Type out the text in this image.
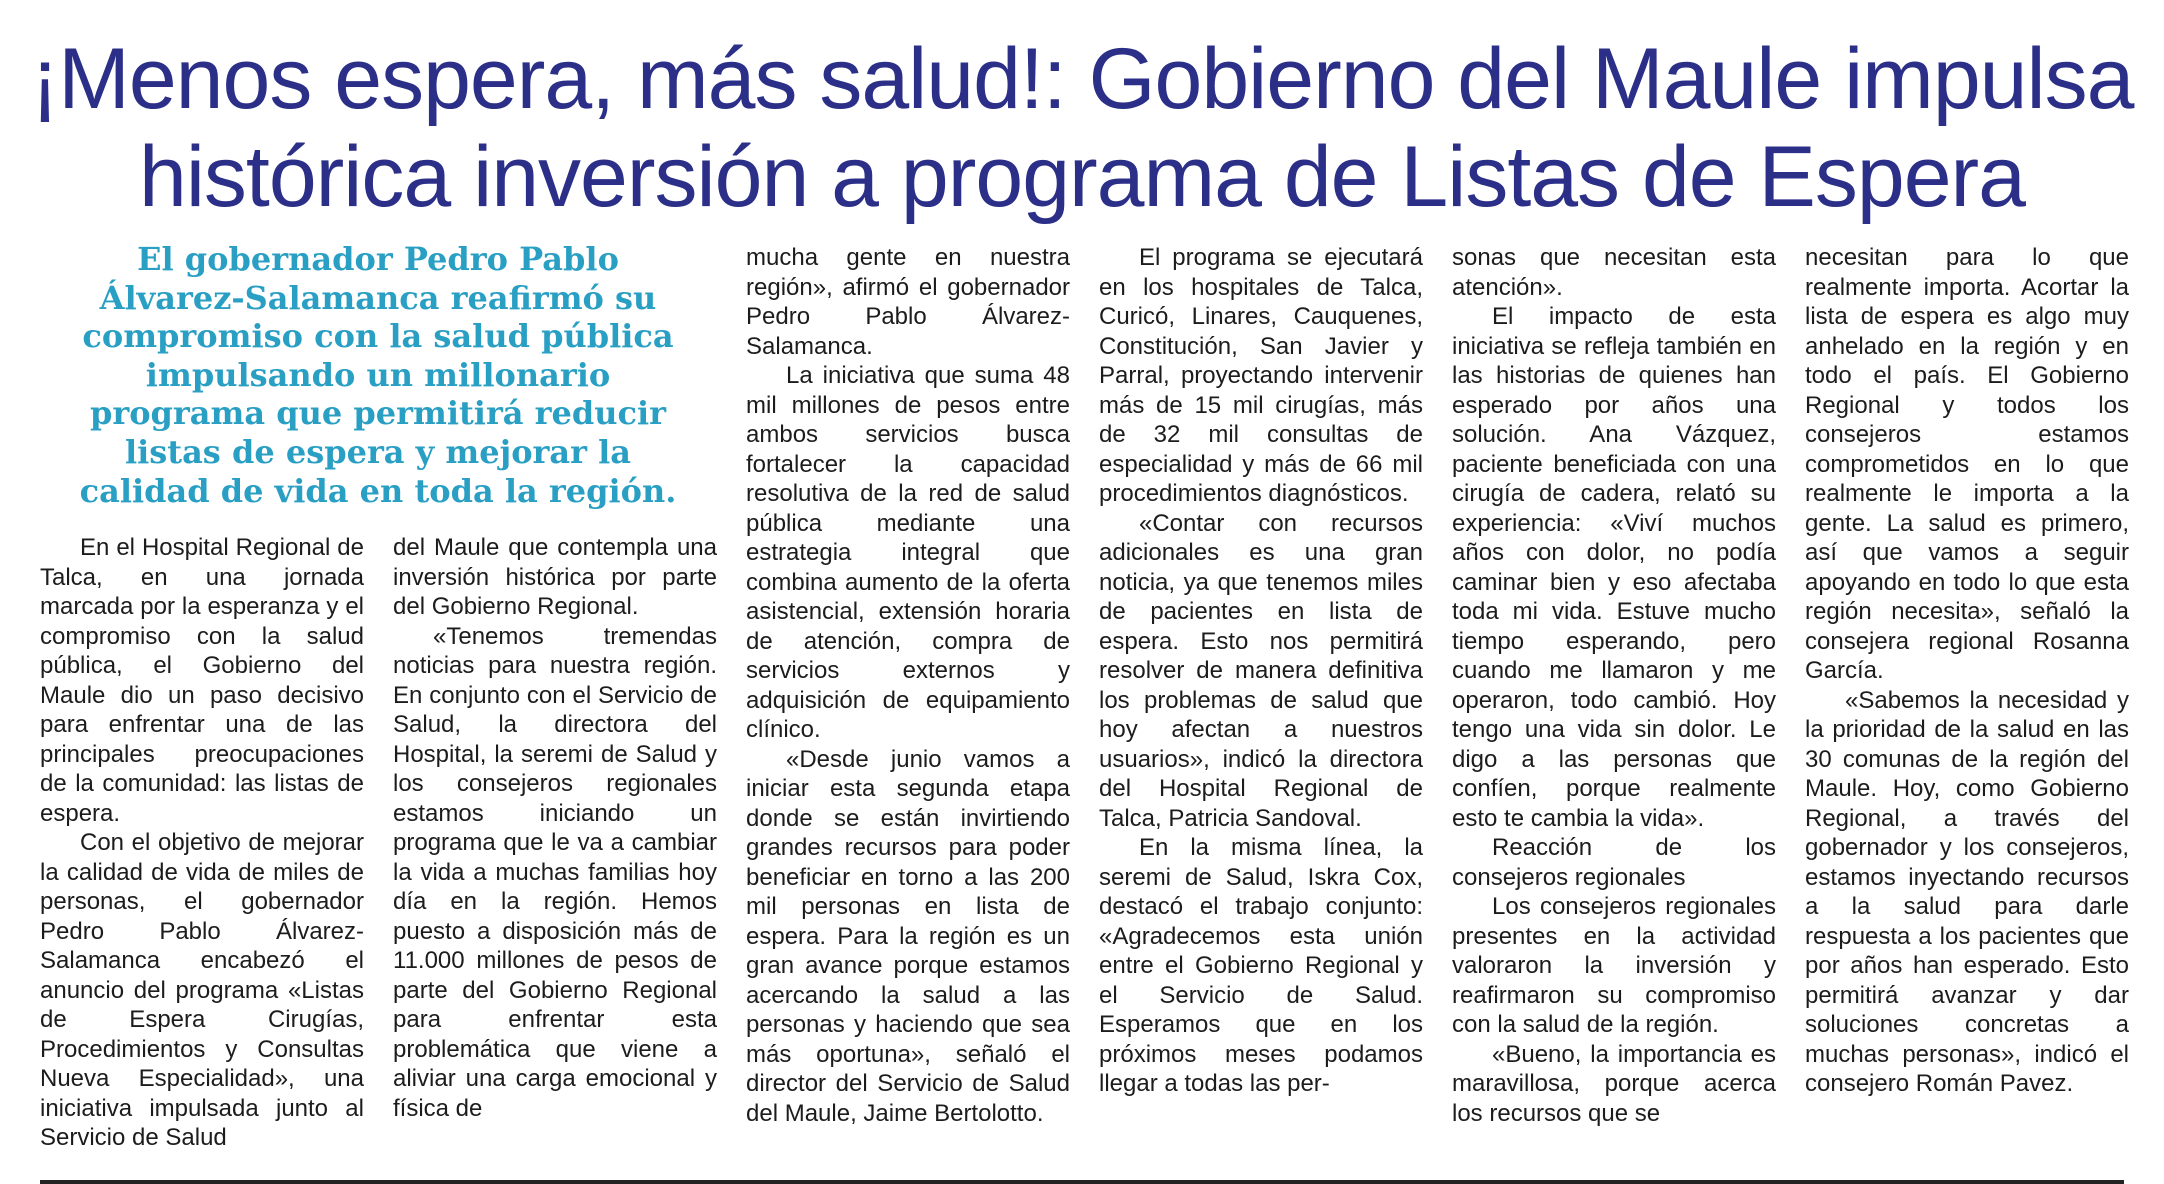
¡Menos espera, más salud!: Gobierno del Maule impulsa
histórica inversión a programa de Listas de Espera
El gobernador Pedro Pablo
Álvarez-Salamanca reafirmó su
compromiso con la salud pública
impulsando un millonario
programa que permitirá reducir
listas de espera y mejorar la
calidad de vida en toda la región.

En el Hospital Regional de Talca, en una jornada marcada por la esperanza y el compromiso con la salud pública, el Gobierno del Maule dio un paso decisivo para enfrentar una de las principales preocupaciones de la comunidad: las listas de espera.

Con el objetivo de mejorar la calidad de vida de miles de personas, el gobernador Pedro Pablo Álvarez-Salamanca encabezó el anuncio del programa «Listas de Espera Cirugías, Procedimientos y Consultas Nueva Especialidad», una iniciativa impulsada junto al Servicio de Salud

del Maule que contempla una inversión histórica por parte del Gobierno Regional.

«Tenemos tremendas noticias para nuestra región. En conjunto con el Servicio de Salud, la directora del Hospital, la seremi de Salud y los consejeros regionales estamos iniciando un programa que le va a cambiar la vida a muchas familias hoy día en la región. Hemos puesto a disposición más de 11.000 millones de pesos de parte del Gobierno Regional para enfrentar esta problemática que viene a aliviar una carga emocional y física de

mucha gente en nuestra región», afirmó el gobernador Pedro Pablo Álvarez-Salamanca.

La iniciativa que suma 48 mil millones de pesos entre ambos servicios busca fortalecer la capacidad resolutiva de la red de salud pública mediante una estrategia integral que combina aumento de la oferta asistencial, extensión horaria de atención, compra de servicios externos y adquisición de equipamiento clínico.

«Desde junio vamos a iniciar esta segunda etapa donde se están invirtiendo grandes recursos para poder beneficiar en torno a las 200 mil personas en lista de espera. Para la región es un gran avance porque estamos acercando la salud a las personas y haciendo que sea más oportuna», señaló el director del Servicio de Salud del Maule, Jaime Bertolotto.

El programa se ejecutará en los hospitales de Talca, Curicó, Linares, Cauquenes, Constitución, San Javier y Parral, proyectando intervenir más de 15 mil cirugías, más de 32 mil consultas de especialidad y más de 66 mil procedimientos diagnósticos.

«Contar con recursos adicionales es una gran noticia, ya que tenemos miles de pacientes en lista de espera. Esto nos permitirá resolver de manera definitiva los problemas de salud que hoy afectan a nuestros usuarios», indicó la directora del Hospital Regional de Talca, Patricia Sandoval.

En la misma línea, la seremi de Salud, Iskra Cox, destacó el trabajo conjunto: «Agradecemos esta unión entre el Gobierno Regional y el Servicio de Salud. Esperamos que en los próximos meses podamos llegar a todas las per-

sonas que necesitan esta atención».

El impacto de esta iniciativa se refleja también en las historias de quienes han esperado por años una solución. Ana Vázquez, paciente beneficiada con una cirugía de cadera, relató su experiencia: «Viví muchos años con dolor, no podía caminar bien y eso afectaba toda mi vida. Estuve mucho tiempo esperando, pero cuando me llamaron y me operaron, todo cambió. Hoy tengo una vida sin dolor. Le digo a las personas que confíen, porque realmente esto te cambia la vida».

Reacción de los consejeros regionales

Los consejeros regionales presentes en la actividad valoraron la inversión y reafirmaron su compromiso con la salud de la región.

«Bueno, la importancia es maravillosa, porque acerca los recursos que se

necesitan para lo que realmente importa. Acortar la lista de espera es algo muy anhelado en la región y en todo el país. El Gobierno Regional y todos los consejeros estamos comprometidos en lo que realmente le importa a la gente. La salud es primero, así que vamos a seguir apoyando en todo lo que esta región necesita», señaló la consejera regional Rosanna García.

«Sabemos la necesidad y la prioridad de la salud en las 30 comunas de la región del Maule. Hoy, como Gobierno Regional, a través del gobernador y los consejeros, estamos inyectando recursos a la salud para darle respuesta a los pacientes que por años han esperado. Esto permitirá avanzar y dar soluciones concretas a muchas personas», indicó el consejero Román Pavez.
